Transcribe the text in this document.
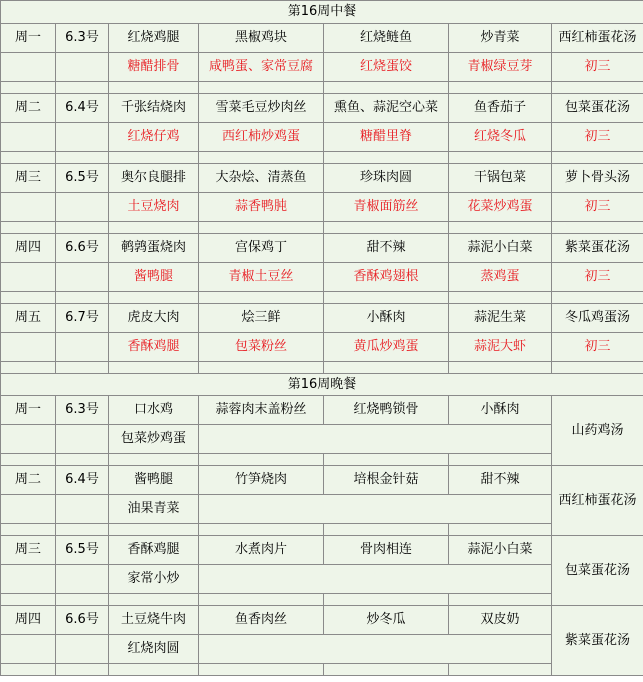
第16周中餐						
周一	6.3号	红烧鸡腿	黑椒鸡块	红烧鲢鱼	炒青菜	西红柿蛋花汤
		糖醋排骨	咸鸭蛋、家常豆腐	红烧蛋饺	青椒绿豆芽	初三

周二	6.4号	千张结烧肉	雪菜毛豆炒肉丝	熏鱼、蒜泥空心菜	鱼香茄子	包菜蛋花汤
		红烧仔鸡	西红柿炒鸡蛋	糖醋里脊	红烧冬瓜	初三

周三	6.5号	奥尔良腿排	大杂烩、清蒸鱼	珍珠肉圆	干锅包菜	萝卜骨头汤
		土豆烧肉	蒜香鸭肫	青椒面筋丝	花菜炒鸡蛋	初三

周四	6.6号	鹌鹑蛋烧肉	宫保鸡丁	甜不辣	蒜泥小白菜	紫菜蛋花汤
		酱鸭腿	青椒土豆丝	香酥鸡翅根	蒸鸡蛋	初三

周五	6.7号	虎皮大肉	烩三鲜	小酥肉	蒜泥生菜	冬瓜鸡蛋汤
		香酥鸡腿	包菜粉丝	黄瓜炒鸡蛋	蒜泥大虾	初三

第16周晚餐						
周一	6.3号	口水鸡	蒜蓉肉末盖粉丝	红烧鸭锁骨	小酥肉	山药鸡汤
		包菜炒鸡蛋				

周二	6.4号	酱鸭腿	竹笋烧肉	培根金针菇	甜不辣	西红柿蛋花汤
		油果青菜				

周三	6.5号	香酥鸡腿	水煮肉片	骨肉相连	蒜泥小白菜	包菜蛋花汤
		家常小炒				

周四	6.6号	土豆烧牛肉	鱼香肉丝	炒冬瓜	双皮奶	紫菜蛋花汤
		红烧肉圆				
